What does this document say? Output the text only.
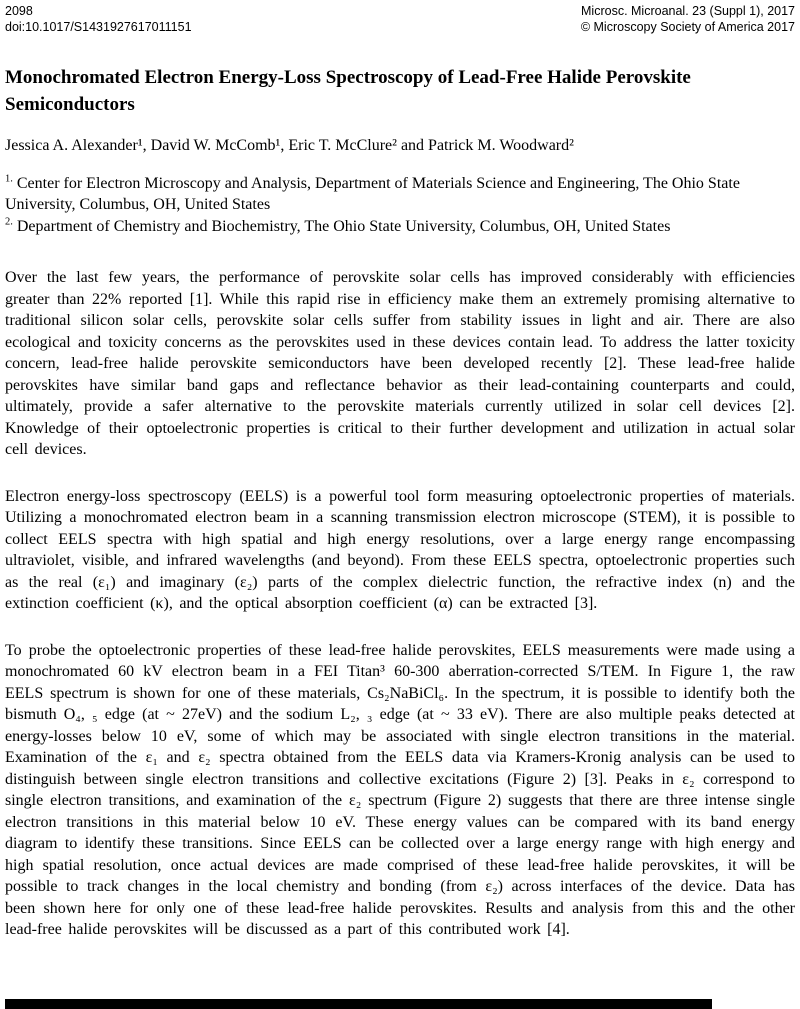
2098
doi:10.1017/S1431927617011151
Microsc. Microanal. 23 (Suppl 1), 2017
© Microscopy Society of America 2017
Monochromated Electron Energy-Loss Spectroscopy of Lead-Free Halide Perovskite Semiconductors

Jessica A. Alexander¹, David W. McComb¹, Eric T. McClure² and Patrick M. Woodward²

$^{1.}$ Center for Electron Microscopy and Analysis, Department of Materials Science and Engineering, The Ohio State University, Columbus, OH, United States
$^{2.}$ Department of Chemistry and Biochemistry, The Ohio State University, Columbus, OH, United States

Over the last few years, the performance of perovskite solar cells has improved considerably with efficiencies greater than 22% reported [1]. While this rapid rise in efficiency make them an extremely promising alternative to traditional silicon solar cells, perovskite solar cells suffer from stability issues in light and air. There are also ecological and toxicity concerns as the perovskites used in these devices contain lead. To address the latter toxicity concern, lead-free halide perovskite semiconductors have been developed recently [2]. These lead-free halide perovskites have similar band gaps and reflectance behavior as their lead-containing counterparts and could, ultimately, provide a safer alternative to the perovskite materials currently utilized in solar cell devices [2]. Knowledge of their optoelectronic properties is critical to their further development and utilization in actual solar cell devices.

Electron energy-loss spectroscopy (EELS) is a powerful tool form measuring optoelectronic properties of materials. Utilizing a monochromated electron beam in a scanning transmission electron microscope (STEM), it is possible to collect EELS spectra with high spatial and high energy resolutions, over a large energy range encompassing ultraviolet, visible, and infrared wavelengths (and beyond). From these EELS spectra, optoelectronic properties such as the real (ε₁) and imaginary (ε₂) parts of the complex dielectric function, the refractive index (n) and the extinction coefficient (κ), and the optical absorption coefficient (α) can be extracted [3].

To probe the optoelectronic properties of these lead-free halide perovskites, EELS measurements were made using a monochromated 60 kV electron beam in a FEI Titan³ 60-300 aberration-corrected S/TEM. In Figure 1, the raw EELS spectrum is shown for one of these materials, Cs₂NaBiCl₆. In the spectrum, it is possible to identify both the bismuth O₄, ₅ edge (at ~ 27eV) and the sodium L₂, ₃ edge (at ~ 33 eV). There are also multiple peaks detected at energy-losses below 10 eV, some of which may be associated with single electron transitions in the material. Examination of the ε₁ and ε₂ spectra obtained from the EELS data via Kramers-Kronig analysis can be used to distinguish between single electron transitions and collective excitations (Figure 2) [3]. Peaks in ε₂ correspond to single electron transitions, and examination of the ε₂ spectrum (Figure 2) suggests that there are three intense single electron transitions in this material below 10 eV. These energy values can be compared with its band energy diagram to identify these transitions. Since EELS can be collected over a large energy range with high energy and high spatial resolution, once actual devices are made comprised of these lead-free halide perovskites, it will be possible to track changes in the local chemistry and bonding (from ε₂) across interfaces of the device. Data has been shown here for only one of these lead-free halide perovskites. Results and analysis from this and the other lead-free halide perovskites will be discussed as a part of this contributed work [4].
